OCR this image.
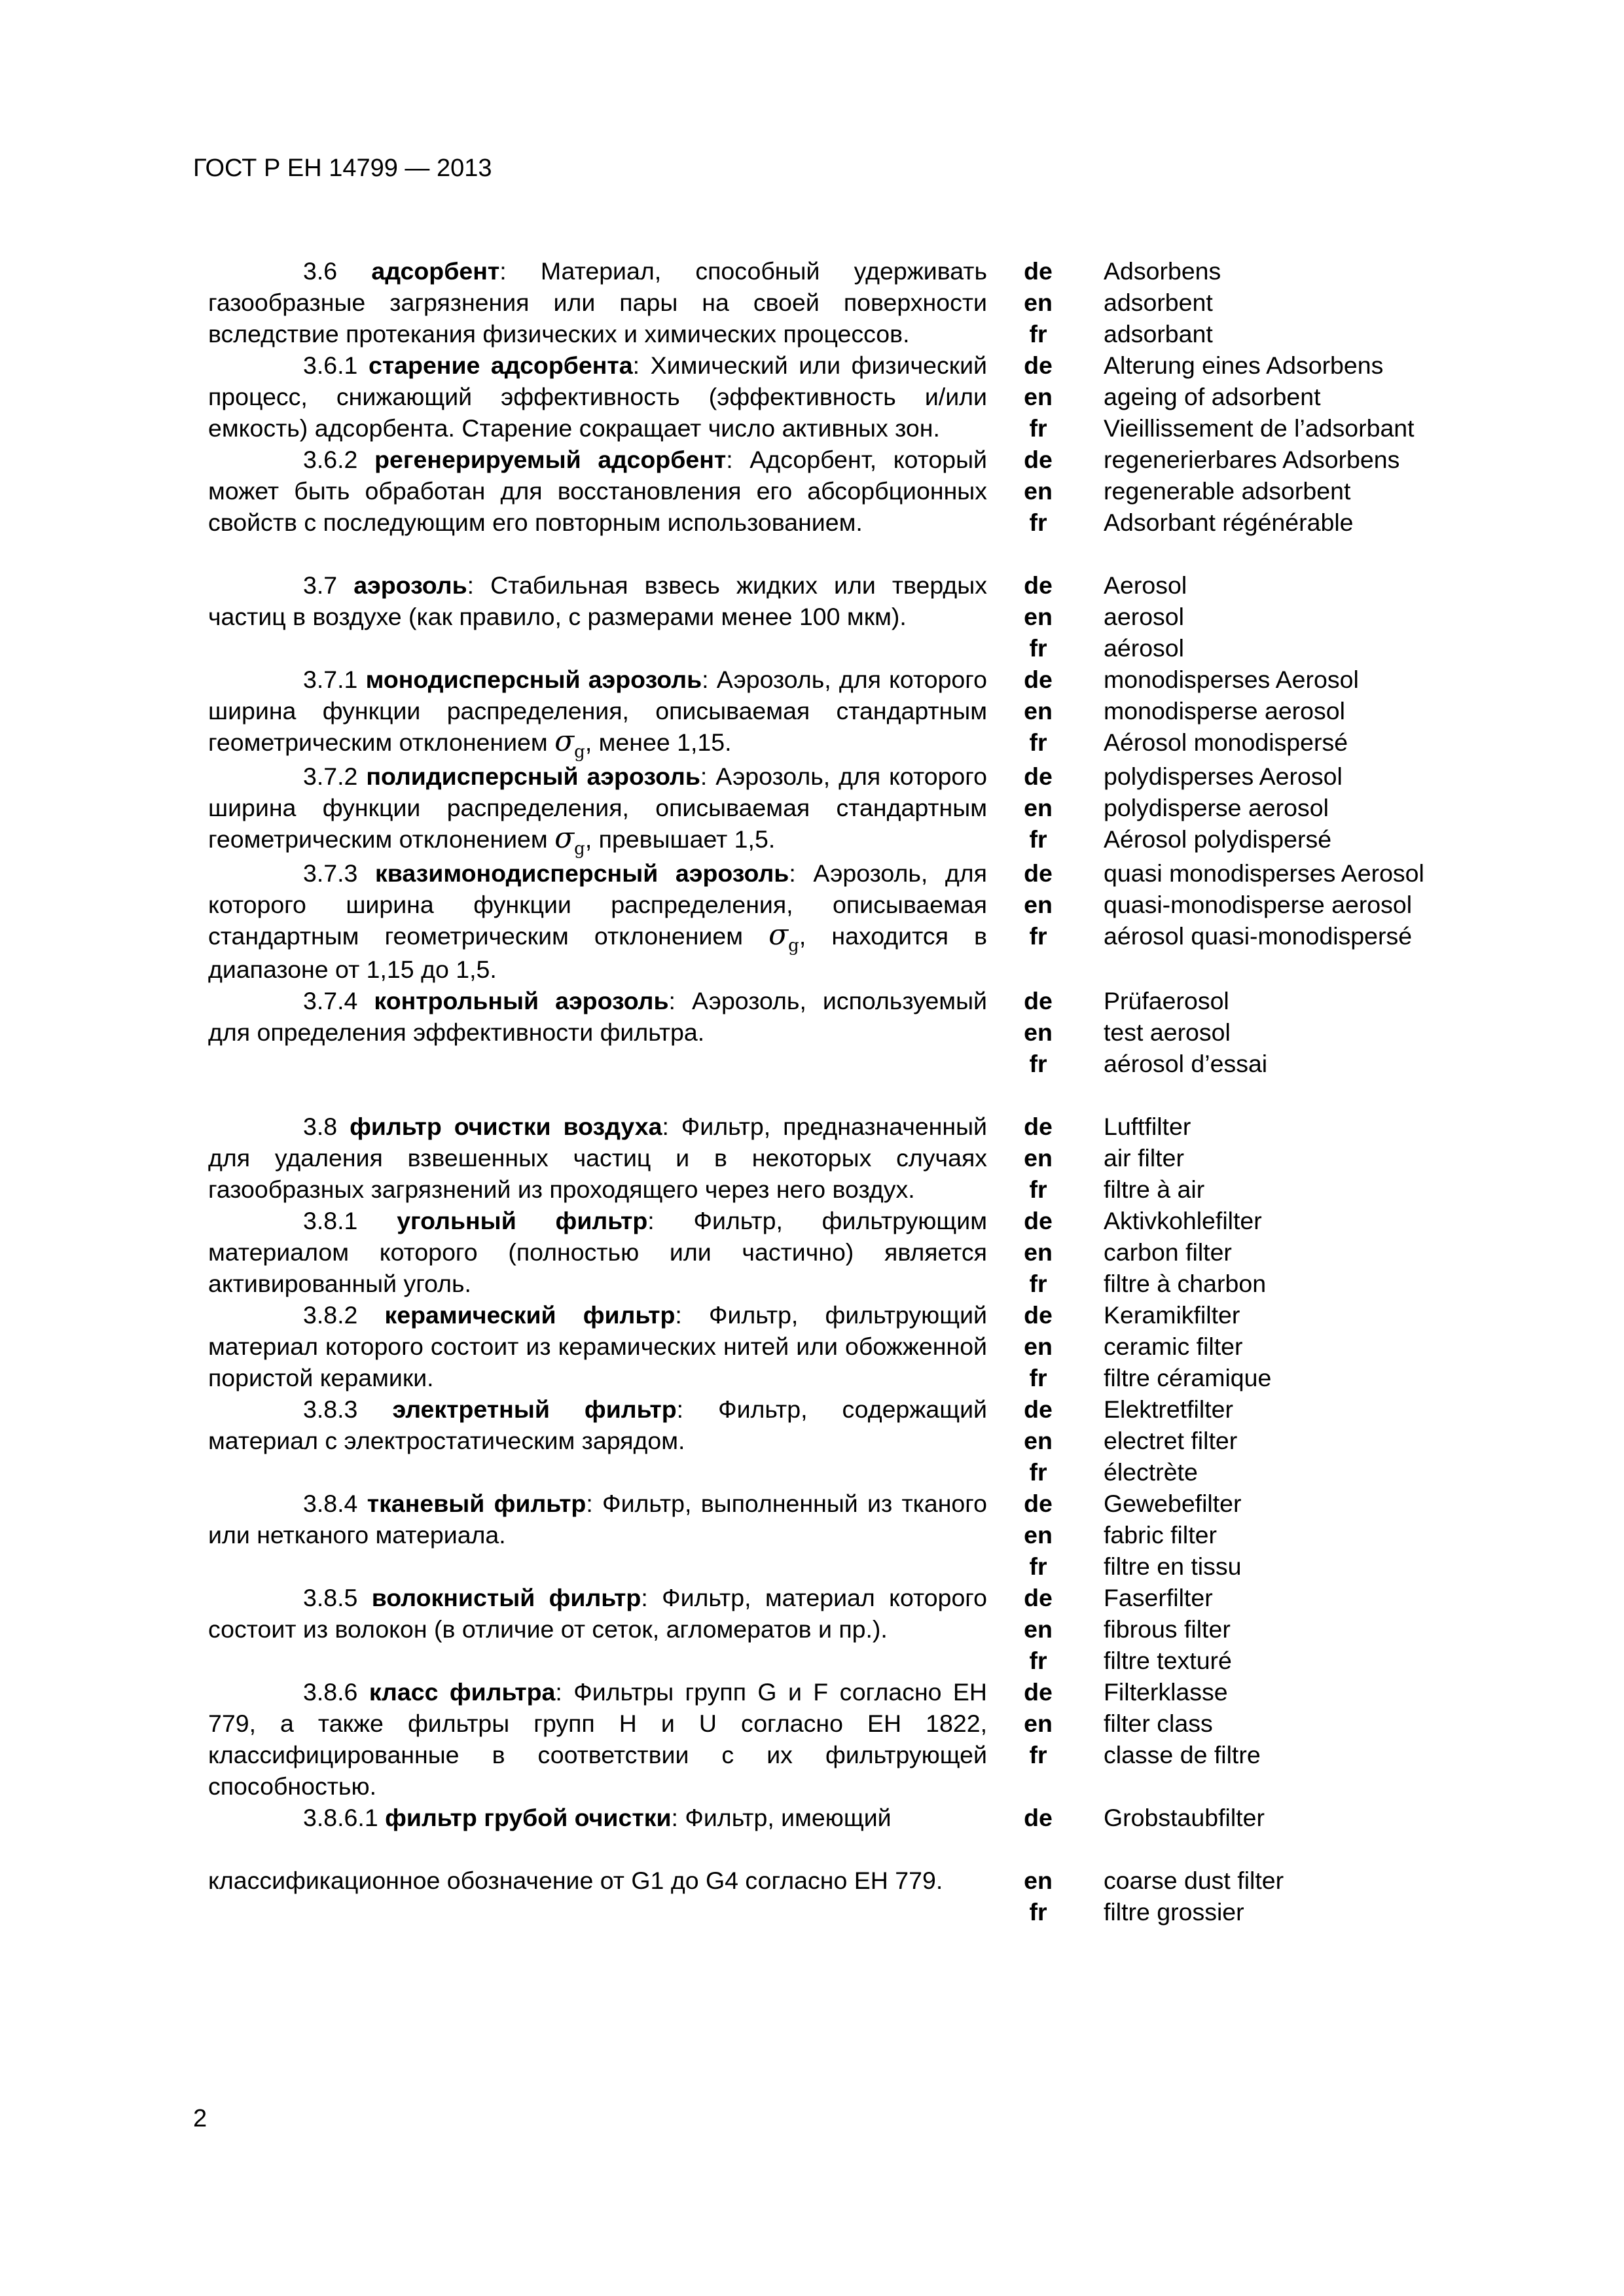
ГОСТ Р ЕН 14799 — 2013
3.6 адсорбент: Материал, способный удерживать газообразные загрязнения или пары на своей поверхности вследствие протекания физических и химических процессов.
de
en
fr
Adsorbens
adsorbent
adsorbant
3.6.1 старение адсорбента: Химический или физический процесс, снижающий эффективность (эффективность и/или емкость) адсорбента. Старение сокращает число активных зон.
de
en
fr
Alterung eines Adsorbens
ageing of adsorbent
Vieillissement de l’adsorbant
3.6.2 регенерируемый адсорбент: Адсорбент, который может быть обработан для восстановления его абсорбционных свойств с последующим его повторным использованием.
de
en
fr
regenerierbares Adsorbens
regenerable adsorbent
Adsorbant régénérable
3.7 аэрозоль: Стабильная взвесь жидких или твердых частиц в воздухе (как правило, с размерами менее 100 мкм).
de
en
fr
Aerosol
aerosol
aérosol
3.7.1 монодисперсный аэрозоль: Аэрозоль, для которого ширина функции распределения, описываемая стандартным геометрическим отклонением $\sigma_g$, менее 1,15.
de
en
fr
monodisperses Aerosol
monodisperse aerosol
Aérosol monodispersé
3.7.2 полидисперсный аэрозоль: Аэрозоль, для которого ширина функции распределения, описываемая стандартным геометрическим отклонением $\sigma_g$, превышает 1,5.
de
en
fr
polydisperses Aerosol
polydisperse aerosol
Aérosol polydispersé
3.7.3 квазимонодисперсный аэрозоль: Аэрозоль, для которого ширина функции распределения, описываемая стандартным геометрическим отклонением $\sigma_g$, находится в диапазоне от 1,15 до 1,5.
de
en
fr
quasi monodisperses Aerosol
quasi-monodisperse aerosol
aérosol quasi-monodispersé
3.7.4 контрольный аэрозоль: Аэрозоль, используемый для определения эффективности фильтра.
de
en
fr
Prüfaerosol
test aerosol
aérosol d’essai
3.8 фильтр очистки воздуха: Фильтр, предназначенный для удаления взвешенных частиц и в некоторых случаях газообразных загрязнений из проходящего через него воздух.
de
en
fr
Luftfilter
air filter
filtre à air
3.8.1 угольный фильтр: Фильтр, фильтрующим материалом которого (полностью или частично) является активированный уголь.
de
en
fr
Aktivkohlefilter
carbon filter
filtre à charbon
3.8.2 керамический фильтр: Фильтр, фильтрующий материал которого состоит из керамических нитей или обожженной пористой керамики.
de
en
fr
Keramikfilter
ceramic filter
filtre céramique
3.8.3 электретный фильтр: Фильтр, содержащий материал с электростатическим зарядом.
de
en
fr
Elektretfilter
electret filter
électrète
3.8.4 тканевый фильтр: Фильтр, выполненный из тканого или нетканого материала.
de
en
fr
Gewebefilter
fabric filter
filtre en tissu
3.8.5 волокнистый фильтр: Фильтр, материал которого состоит из волокон (в отличие от сеток, агломератов и пр.).
de
en
fr
Faserfilter
fibrous filter
filtre texturé
3.8.6 класс фильтра: Фильтры групп G и F согласно ЕН 779, а также фильтры групп Н и U согласно ЕН 1822, классифицированные в соответствии с их фильтрующей способностью.
de
en
fr
Filterklasse
filter class
classe de filtre
3.8.6.1 фильтр грубой очистки: Фильтр, имеющий
классификационное обозначение от G1 до G4 согласно ЕН 779.
de
en
fr
Grobstaubfilter
coarse dust filter
filtre grossier
2
